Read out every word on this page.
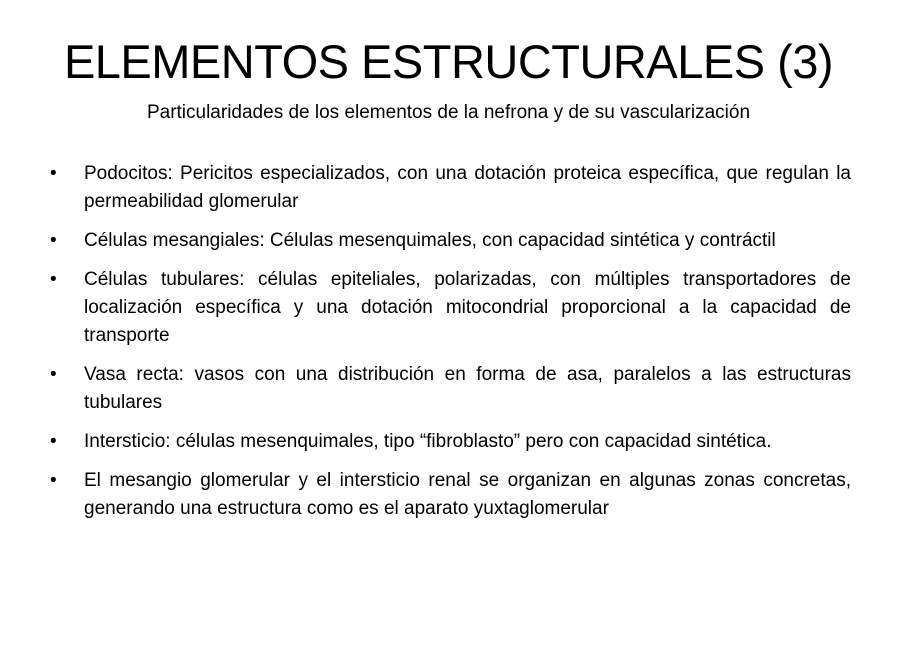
ELEMENTOS ESTRUCTURALES (3)

Particularidades de los elementos de la nefrona y de su vascularización

• Podocitos: Pericitos especializados, con una dotación proteica específica, que regulan la permeabilidad glomerular
• Células mesangiales: Células mesenquimales, con capacidad sintética y contráctil
• Células tubulares: células epiteliales, polarizadas, con múltiples transportadores de localización específica y una dotación mitocondrial proporcional a la capacidad de transporte
• Vasa recta: vasos con una distribución en forma de asa, paralelos a las estructuras tubulares
• Intersticio: células mesenquimales, tipo “fibroblasto” pero con capacidad sintética.
• El mesangio glomerular y el intersticio renal se organizan en algunas zonas concretas, generando una estructura como es el aparato yuxtaglomerular
